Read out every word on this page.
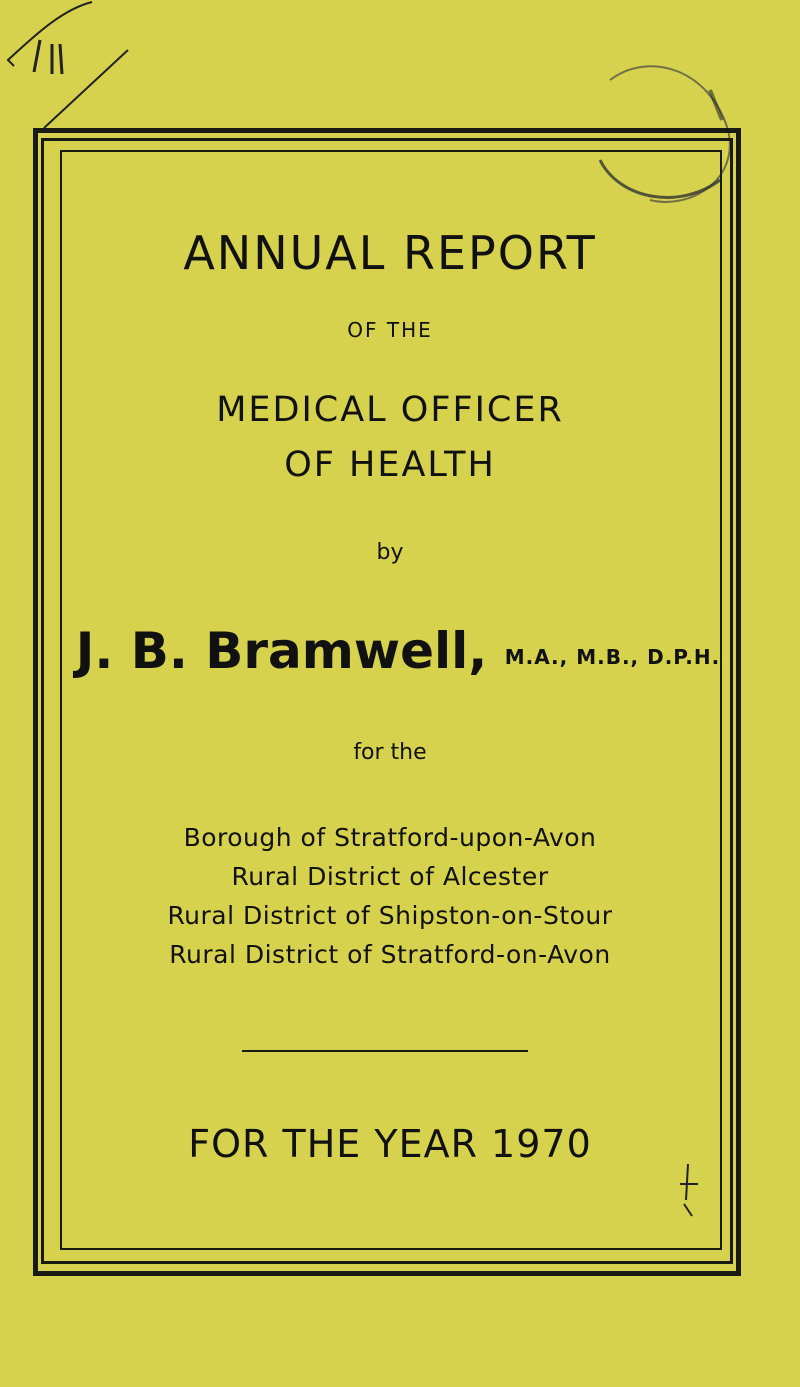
ANNUAL REPORT
OF THE
MEDICAL OFFICER
OF HEALTH
by
J. B. Bramwell, M.A., M.B., D.P.H.
for the
Borough of Stratford-upon-Avon
Rural District of Alcester
Rural District of Shipston-on-Stour
Rural District of Stratford-on-Avon
FOR THE YEAR 1970
